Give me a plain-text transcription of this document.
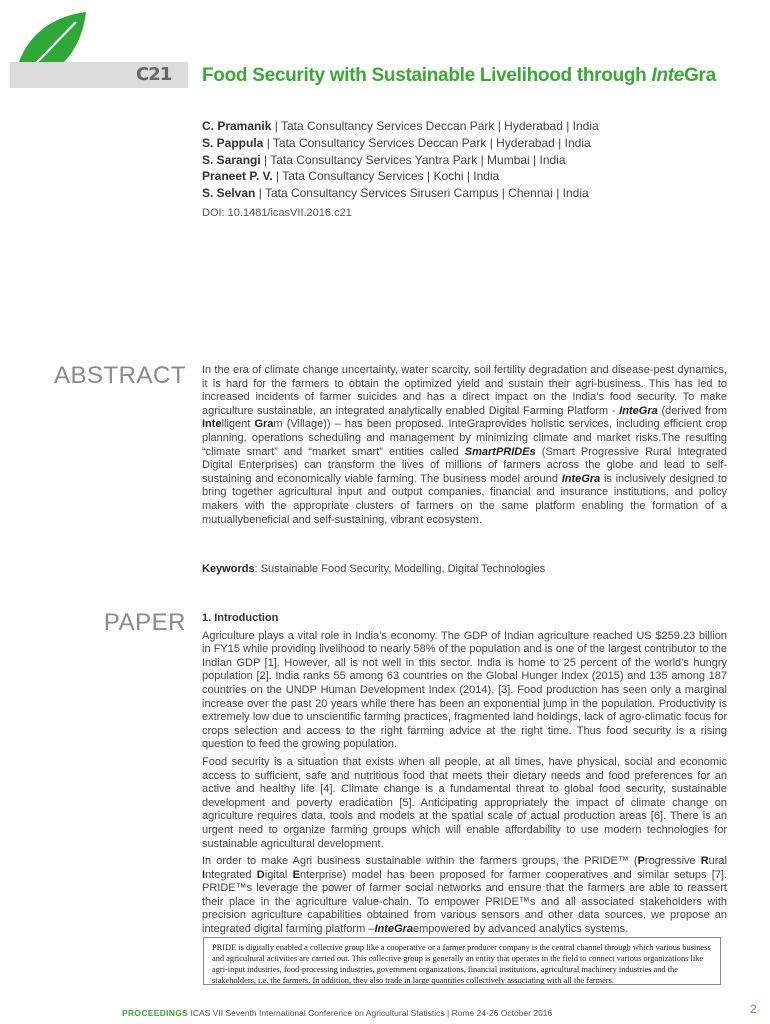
C21	Food Security with Sustainable Livelihood through InteGra
C. Pramanik | Tata Consultancy Services Deccan Park | Hyderabad | India
S. Pappula | Tata Consultancy Services Deccan Park | Hyderabad | India
S. Sarangi | Tata Consultancy Services Yantra Park | Mumbai | India
Praneet P. V. | Tata Consultancy Services | Kochi | India
S. Selvan | Tata Consultancy Services Siruseri Campus | Chennai | India
DOI: 10.1481/icasVII.2016.c21
ABSTRACT In the era of climate change uncertainty, water scarcity, soil fertility degradation and disease-pest dynamics, it is hard for the farmers to obtain the optimized yield and sustain their agri-business. This has led to increased incidents of farmer suicides and has a direct impact on the India’s food security. To make agriculture sustainable, an integrated analytically enabled Digital Farming Platform - InteGra (derived from Intelligent Gram (Village)) – has been proposed. InteGraprovides holistic services, including efficient crop planning, operations scheduling and management by minimizing climate and market risks.The resulting “climate smart” and “market smart” entities called SmartPRIDEs (Smart Progressive Rural Integrated Digital Enterprises) can transform the lives of millions of farmers across the globe and lead to self-sustaining and economically viable farming. The business model around InteGra is inclusively designed to bring together agricultural input and output companies, financial and insurance institutions, and policy makers with the appropriate clusters of farmers on the same platform enabling the formation of a mutuallybeneficial and self-sustaining, vibrant ecosystem.
Keywords: Sustainable Food Security, Modelling, Digital Technologies
PAPER 1. Introduction

Agriculture plays a vital role in India’s economy. The GDP of Indian agriculture reached US $259.23 billion in FY15 while providing livelihood to nearly 58% of the population and is one of the largest contributor to the Indian GDP [1]. However, all is not well in this sector. India is home to 25 percent of the world’s hungry population [2]. India ranks 55 among 63 countries on the Global Hunger Index (2015) and 135 among 187 countries on the UNDP Human Development Index (2014), [3]. Food production has seen only a marginal increase over the past 20 years while there has been an exponential jump in the population. Productivity is extremely low due to unscientific farming practices, fragmented land holdings, lack of agro-climatic focus for crops selection and access to the right farming advice at the right time. Thus food security is a rising question to feed the growing population.

Food security is a situation that exists when all people, at all times, have physical, social and economic access to sufficient, safe and nutritious food that meets their dietary needs and food preferences for an active and healthy life [4]. Climate change is a fundamental threat to global food security, sustainable development and poverty eradication [5]. Anticipating appropriately the impact of climate change on agriculture requires data, tools and models at the spatial scale of actual production areas [6]. There is an urgent need to organize farming groups which will enable affordability to use modern technologies for sustainable agricultural development.

In order to make Agri business sustainable within the farmers groups, the PRIDE™ (Progressive Rural Integrated Digital Enterprise) model has been proposed for farmer cooperatives and similar setups [7]. PRIDE™s leverage the power of farmer social networks and ensure that the farmers are able to reassert their place in the agriculture value-chain. To empower PRIDE™s and all associated stakeholders with precision agriculture capabilities obtained from various sensors and other data sources, we propose an integrated digital farming platform –InteGraempowered by advanced analytics systems.

PRIDE is digitally enabled a collective group like a cooperative or a farmer producer company is the central channel through which various business and agricultural activities are carried out. This collective group is generally an entity that operates in the field to connect various organizations like agri-input industries, food-processing industries, government organizations, financial institutions, agricultural machinery industries and the stakeholders, i.e. the farmers. In addition, they also trade in large quantities collectively associating with all the farmers.
PROCEEDINGS ICAS VII Seventh International Conference on Agricultural Statistics | Rome 24-26 October 2016	2
